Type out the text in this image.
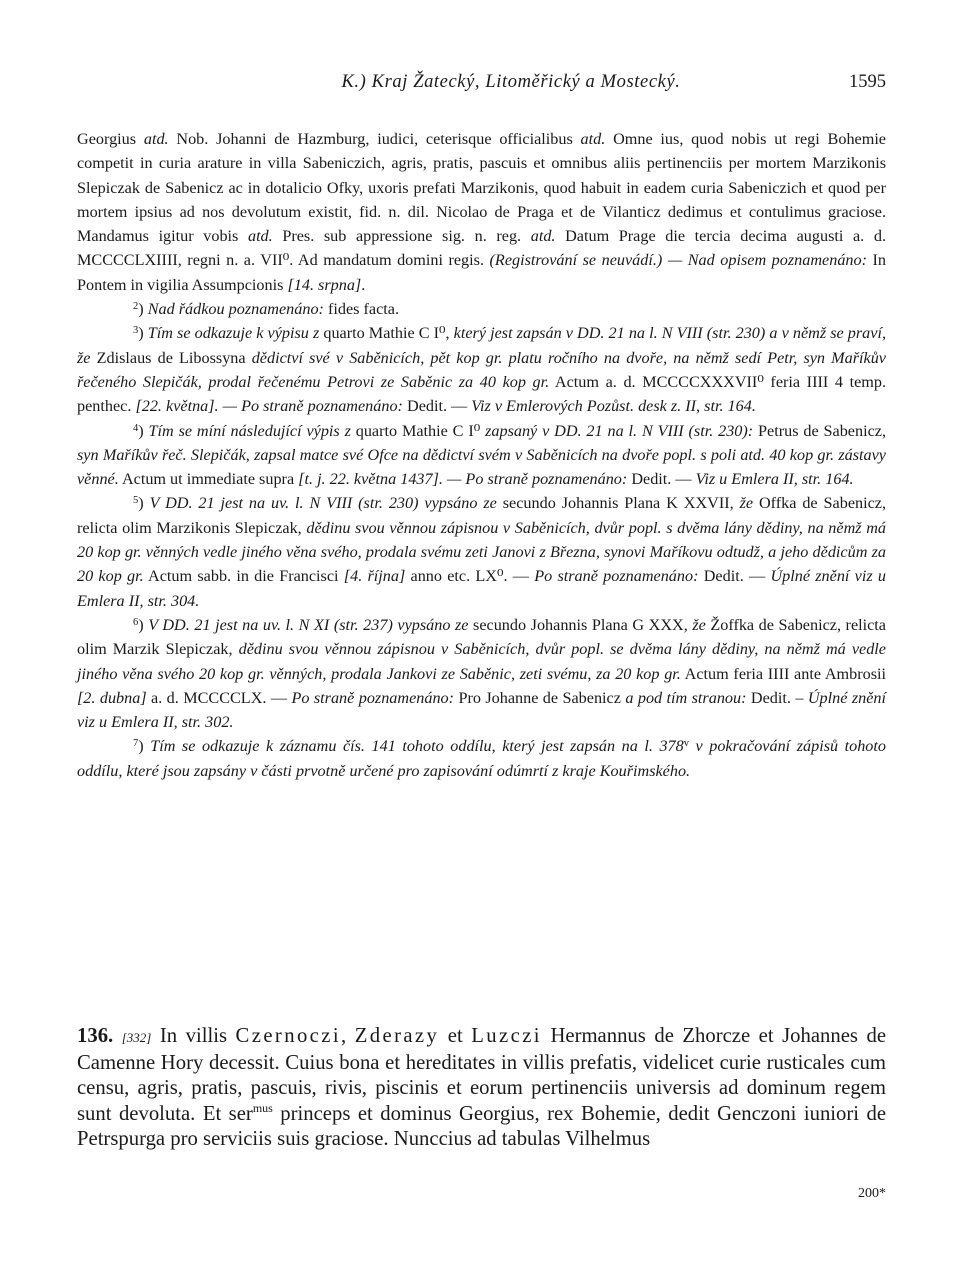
K.) Kraj Žatecký, Litoměřický a Mostecký.	1595

Georgius atd. Nob. Johanni de Hazmburg, iudici, ceterisque officialibus atd. Omne ius, quod nobis ut regi Bohemie competit in curia arature in villa Sabeniczich, agris, pratis, pascuis et omnibus aliis pertinenciis per mortem Marzikonis Slepiczak de Sabenicz ac in dotalicio Ofky, uxoris prefati Marzikonis, quod habuit in eadem curia Sabeniczich et quod per mortem ipsius ad nos devolutum existit, fid. n. dil. Nicolao de Praga et de Vilanticz dedimus et contulimus graciose. Mandamus igitur vobis atd. Pres. sub appressione sig. n. reg. atd. Datum Prage die tercia decima augusti a. d. MCCCCLXIIII, regni n. a. VII⁰. Ad mandatum domini regis. (Registrování se neuvádí.) — Nad opisem poznamenáno: In Pontem in vigilia Assumpcionis [14. srpna].

$^2$) Nad řádkou poznamenáno: fides facta.

$^3$) Tím se odkazuje k výpisu z quarto Mathie C I⁰, který jest zapsán v DD. 21 na l. N VIII (str. 230) a v němž se praví, že Zdislaus de Libossyna dědictví své v Saběnicích, pět kop gr. platu ročního na dvoře, na němž sedí Petr, syn Maříkův řečeného Slepičák, prodal řečenému Petrovi ze Saběnic za 40 kop gr. Actum a. d. MCCCCXXXVII⁰ feria IIII 4 temp. penthec. [22. května]. — Po straně poznamenáno: Dedit. — Viz v Emlerových Pozůst. desk z. II, str. 164.

$^4$) Tím se míní následující výpis z quarto Mathie C I⁰ zapsaný v DD. 21 na l. N VIII (str. 230): Petrus de Sabenicz, syn Maříkův řeč. Slepičák, zapsal matce své Ofce na dědictví svém v Saběnicích na dvoře popl. s poli atd. 40 kop gr. zástavy věnné. Actum ut immediate supra [t. j. 22. května 1437]. — Po straně poznamenáno: Dedit. — Viz u Emlera II, str. 164.

$^5$) V DD. 21 jest na uv. l. N VIII (str. 230) vypsáno ze secundo Johannis Plana K XXVII, že Offka de Sabenicz, relicta olim Marzikonis Slepiczak, dědinu svou věnnou zápisnou v Saběnicích, dvůr popl. s dvěma lány dědiny, na němž má 20 kop gr. věnných vedle jiného věna svého, prodala svému zeti Janovi z Března, synovi Maříkovu odtudž, a jeho dědicům za 20 kop gr. Actum sabb. in die Francisci [4. října] anno etc. LX⁰. — Po straně poznamenáno: Dedit. — Úplné znění viz u Emlera II, str. 304.

$^6$) V DD. 21 jest na uv. l. N XI (str. 237) vypsáno ze secundo Johannis Plana G XXX, že Žoffka de Sabenicz, relicta olim Marzik Slepiczak, dědinu svou věnnou zápisnou v Saběnicích, dvůr popl. se dvěma lány dědiny, na němž má vedle jiného věna svého 20 kop gr. věnných, prodala Jankovi ze Saběnic, zeti svému, za 20 kop gr. Actum feria IIII ante Ambrosii [2. dubna] a. d. MCCCCLX. — Po straně poznamenáno: Pro Johanne de Sabenicz a pod tím stranou: Dedit. – Úplné znění viz u Emlera II, str. 302.

$^7$) Tím se odkazuje k záznamu čís. 141 tohoto oddílu, který jest zapsán na l. 378$^v$ v pokračování zápisů tohoto oddílu, které jsou zapsány v části prvotně určené pro zapisování odúmrtí z kraje Kouřimského.

136. [332] In villis Czernoczi, Zderazy et Luzczi Hermannus de Zhorcze et Johannes de Camenne Hory decessit. Cuius bona et hereditates in villis prefatis, videlicet curie rusticales cum censu, agris, pratis, pascuis, rivis, piscinis et eorum pertinenciis universis ad dominum regem sunt devoluta. Et ser$^{mus}$ princeps et dominus Georgius, rex Bohemie, dedit Genczoni iuniori de Petrspurga pro serviciis suis graciose. Nunccius ad tabulas Vilhelmus

200*
